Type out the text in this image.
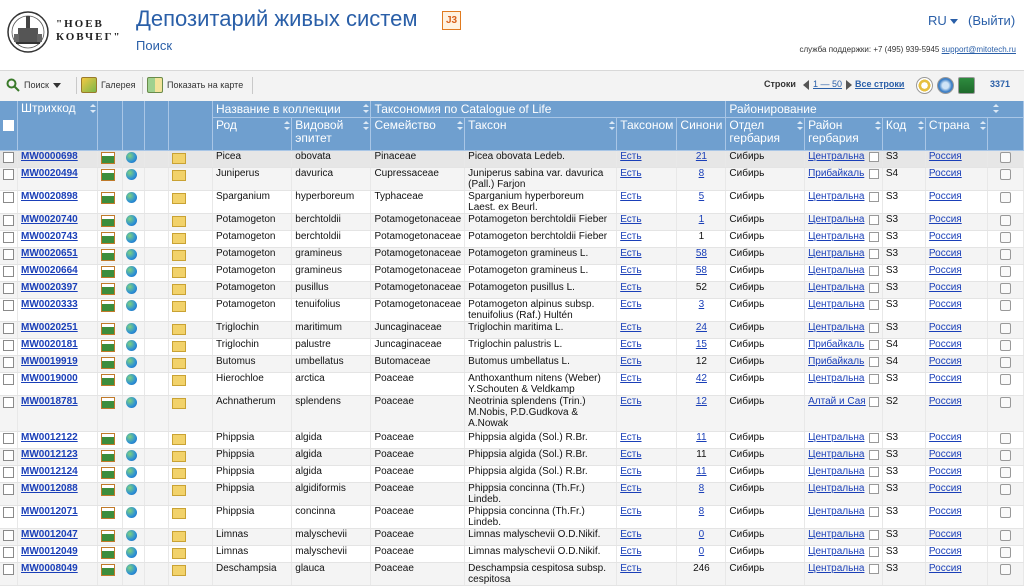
"НОЕВ
КОВЧЕГ"
Депозитарий живых систем	J3
Поиск
RU	(Выйти)
служба поддержки: +7 (495) 939-5945 support@mitotech.ru
Поиск	Галерея	Показать на карте	Строки 1 — 50 Все строки	3371
	Штрихкод					Название в коллекции		Таксономия по Catalogue of Life				Районирование				

						Род	Видовой эпитет	Семейство	Таксон	Таксоном	Синони	Отдел гербария	Район гербария	Код	Страна

	MW0000698					Picea	obovata	Pinaceae	Picea obovata Ledeb.	Есть	21	Сибирь	Центральна	S3	Россия	
	MW0020494					Juniperus	davurica	Cupressaceae	Juniperus sabina var. davurica (Pall.) Farjon	Есть	8	Сибирь	Прибайкаль	S4	Россия	
	MW0020898					Sparganium	hyperboreum	Typhaceae	Sparganium hyperboreum Laest. ex Beurl.	Есть	5	Сибирь	Центральна	S3	Россия	
	MW0020740					Potamogeton	berchtoldii	Potamogetonaceae	Potamogeton berchtoldii Fieber	Есть	1	Сибирь	Центральна	S3	Россия	
	MW0020743					Potamogeton	berchtoldii	Potamogetonaceae	Potamogeton berchtoldii Fieber	Есть	1	Сибирь	Центральна	S3	Россия	
	MW0020651					Potamogeton	gramineus	Potamogetonaceae	Potamogeton gramineus L.	Есть	58	Сибирь	Центральна	S3	Россия	
	MW0020664					Potamogeton	gramineus	Potamogetonaceae	Potamogeton gramineus L.	Есть	58	Сибирь	Центральна	S3	Россия	
	MW0020397					Potamogeton	pusillus	Potamogetonaceae	Potamogeton pusillus L.	Есть	52	Сибирь	Центральна	S3	Россия	
	MW0020333					Potamogeton	tenuifolius	Potamogetonaceae	Potamogeton alpinus subsp. tenuifolius (Raf.) Hultén	Есть	3	Сибирь	Центральна	S3	Россия	
	MW0020251					Triglochin	maritimum	Juncaginaceae	Triglochin maritima L.	Есть	24	Сибирь	Центральна	S3	Россия	
	MW0020181					Triglochin	palustre	Juncaginaceae	Triglochin palustris L.	Есть	15	Сибирь	Прибайкаль	S4	Россия	
	MW0019919					Butomus	umbellatus	Butomaceae	Butomus umbellatus L.	Есть	12	Сибирь	Прибайкаль	S4	Россия	
	MW0019000					Hierochloe	arctica	Poaceae	Anthoxanthum nitens (Weber) Y.Schouten & Veldkamp	Есть	42	Сибирь	Центральна	S3	Россия	
	MW0018781					Achnatherum	splendens	Poaceae	Neotrinia splendens (Trin.) M.Nobis, P.D.Gudkova & A.Nowak	Есть	12	Сибирь	Алтай и Сая	S2	Россия	
	MW0012122					Phippsia	algida	Poaceae	Phippsia algida (Sol.) R.Br.	Есть	11	Сибирь	Центральна	S3	Россия	
	MW0012123					Phippsia	algida	Poaceae	Phippsia algida (Sol.) R.Br.	Есть	11	Сибирь	Центральна	S3	Россия	
	MW0012124					Phippsia	algida	Poaceae	Phippsia algida (Sol.) R.Br.	Есть	11	Сибирь	Центральна	S3	Россия	
	MW0012088					Phippsia	algidiformis	Poaceae	Phippsia concinna (Th.Fr.) Lindeb.	Есть	8	Сибирь	Центральна	S3	Россия	
	MW0012071					Phippsia	concinna	Poaceae	Phippsia concinna (Th.Fr.) Lindeb.	Есть	8	Сибирь	Центральна	S3	Россия	
	MW0012047					Limnas	malyschevii	Poaceae	Limnas malyschevii O.D.Nikif.	Есть	0	Сибирь	Центральна	S3	Россия	
	MW0012049					Limnas	malyschevii	Poaceae	Limnas malyschevii O.D.Nikif.	Есть	0	Сибирь	Центральна	S3	Россия	
	MW0008049					Deschampsia	glauca	Poaceae	Deschampsia cespitosa subsp. cespitosa	Есть	246	Сибирь	Центральна	S3	Россия	
